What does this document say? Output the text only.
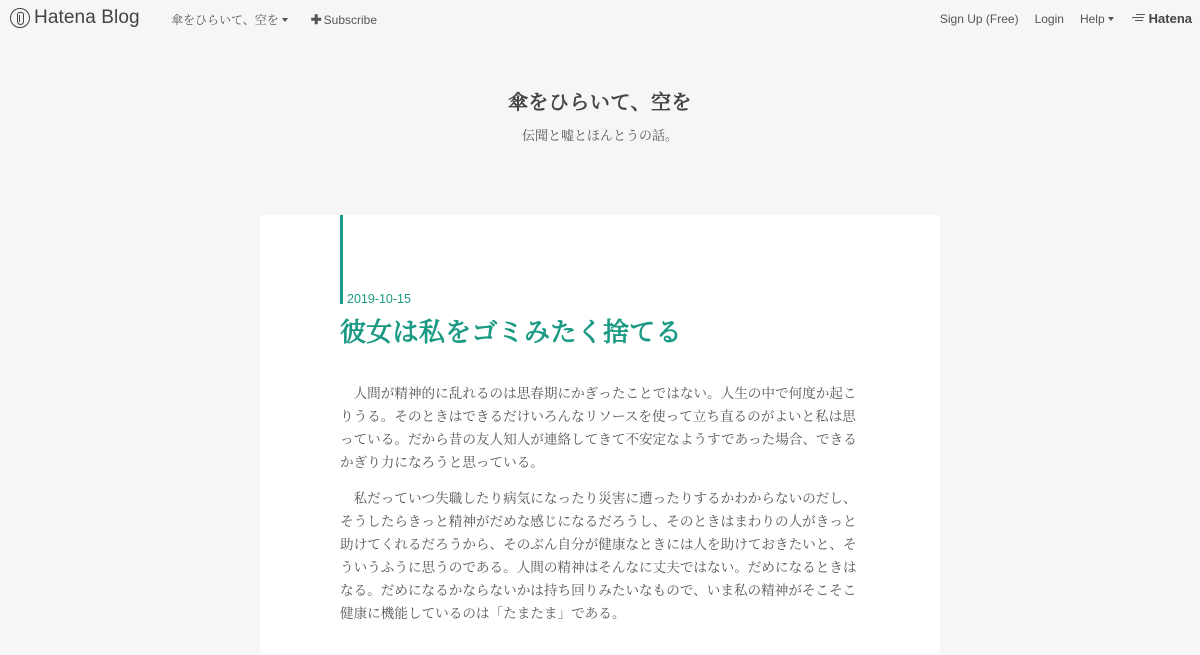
Hatena Blog	傘をひらいて、空を ✚ Subscribe	Sign Up (Free) Login Help	Hatena
傘をひらいて、空を
伝聞と嘘とほんとうの話。
2019-10-15
彼女は私をゴミみたく捨てる

人間が精神的に乱れるのは思春期にかぎったことではない。人生の中で何度か起こりうる。そのときはできるだけいろんなリソースを使って立ち直るのがよいと私は思っている。だから昔の友人知人が連絡してきて不安定なようすであった場合、できるかぎり力になろうと思っている。

私だっていつ失職したり病気になったり災害に遭ったりするかわからないのだし、そうしたらきっと精神がだめな感じになるだろうし、そのときはまわりの人がきっと助けてくれるだろうから、そのぶん自分が健康なときには人を助けておきたいと、そういうふうに思うのである。人間の精神はそんなに丈夫ではない。だめになるときはなる。だめになるかならないかは持ち回りみたいなもので、いま私の精神がそこそこ健康に機能しているのは「たまたま」である。
